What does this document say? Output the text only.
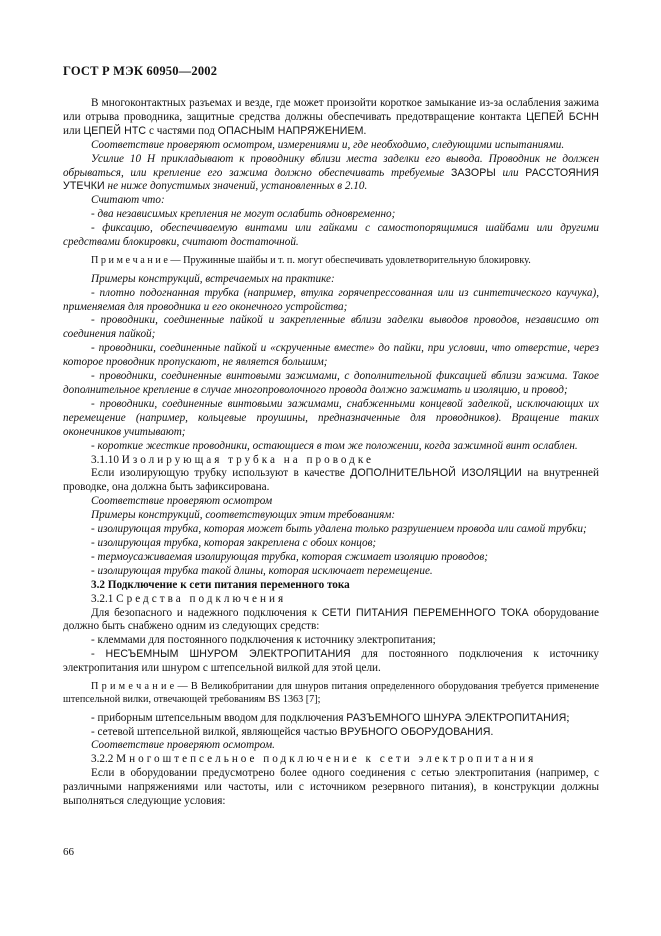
ГОСТ Р МЭК 60950—2002

В многоконтактных разъемах и везде, где может произойти короткое замыкание из-за ослабления зажима или отрыва проводника, защитные средства должны обеспечивать предотвращение контакта ЦЕПЕЙ БСНН или ЦЕПЕЙ НТС с частями под ОПАСНЫМ НАПРЯЖЕНИЕМ.

Соответствие проверяют осмотром, измерениями и, где необходимо, следующими испытаниями.

Усилие 10 Н прикладывают к проводнику вблизи места заделки его вывода. Проводник не должен обрываться, или крепление его зажима должно обеспечивать требуемые ЗАЗОРЫ или РАССТОЯНИЯ УТЕЧКИ не ниже допустимых значений, установленных в 2.10.

Считают что:

- два независимых крепления не могут ослабить одновременно;

- фиксацию, обеспечиваемую винтами или гайками с самостопорящимися шайбами или другими средствами блокировки, считают достаточной.

П р и м е ч а н и е — Пружинные шайбы и т. п. могут обеспечивать удовлетворительную блокировку.

Примеры конструкций, встречаемых на практике:

- плотно подогнанная трубка (например, втулка горячепрессованная или из синтетического каучука), применяемая для проводника и его оконечного устройства;

- проводники, соединенные пайкой и закрепленные вблизи заделки выводов проводов, независимо от соединения пайкой;

- проводники, соединенные пайкой и «скрученные вместе» до пайки, при условии, что отверстие, через которое проводник пропускают, не является большим;

- проводники, соединенные винтовыми зажимами, с дополнительной фиксацией вблизи зажима. Такое дополнительное крепление в случае многопроволочного провода должно зажимать и изоляцию, и провод;

- проводники, соединенные винтовыми зажимами, снабженными концевой заделкой, исключающих их перемещение (например, кольцевые проушины, предназначенные для проводников). Вращение таких оконечников учитывают;

- короткие жесткие проводники, остающиеся в том же положении, когда зажимной винт ослаблен.

3.1.10 Изолирующая трубка на проводке

Если изолирующую трубку используют в качестве ДОПОЛНИТЕЛЬНОЙ ИЗОЛЯЦИИ на внутренней проводке, она должна быть зафиксирована.

Соответствие проверяют осмотром

Примеры конструкций, соответствующих этим требованиям:

- изолирующая трубка, которая может быть удалена только разрушением провода или самой трубки;

- изолирующая трубка, которая закреплена с обоих концов;

- термоусаживаемая изолирующая трубка, которая сжимает изоляцию проводов;

- изолирующая трубка такой длины, которая исключает перемещение.

3.2 Подключение к сети питания переменного тока

3.2.1 Средства подключения

Для безопасного и надежного подключения к СЕТИ ПИТАНИЯ ПЕРЕМЕННОГО ТОКА оборудование должно быть снабжено одним из следующих средств:

- клеммами для постоянного подключения к источнику электропитания;

- НЕСЪЕМНЫМ ШНУРОМ ЭЛЕКТРОПИТАНИЯ для постоянного подключения к источнику электропитания или шнуром с штепсельной вилкой для этой цели.

П р и м е ч а н и е — В Великобритании для шнуров питания определенного оборудования требуется применение штепсельной вилки, отвечающей требованиям BS 1363 [7];

- приборным штепсельным вводом для подключения РАЗЪЕМНОГО ШНУРА ЭЛЕКТРОПИТАНИЯ;

- сетевой штепсельной вилкой, являющейся частью ВРУБНОГО ОБОРУДОВАНИЯ.

Соответствие проверяют осмотром.

3.2.2 Многоштепсельное подключение к сети электропитания

Если в оборудовании предусмотрено более одного соединения с сетью электропитания (например, с различными напряжениями или частоты, или с источником резервного питания), в конструкции должны выполняться следующие условия:

66
